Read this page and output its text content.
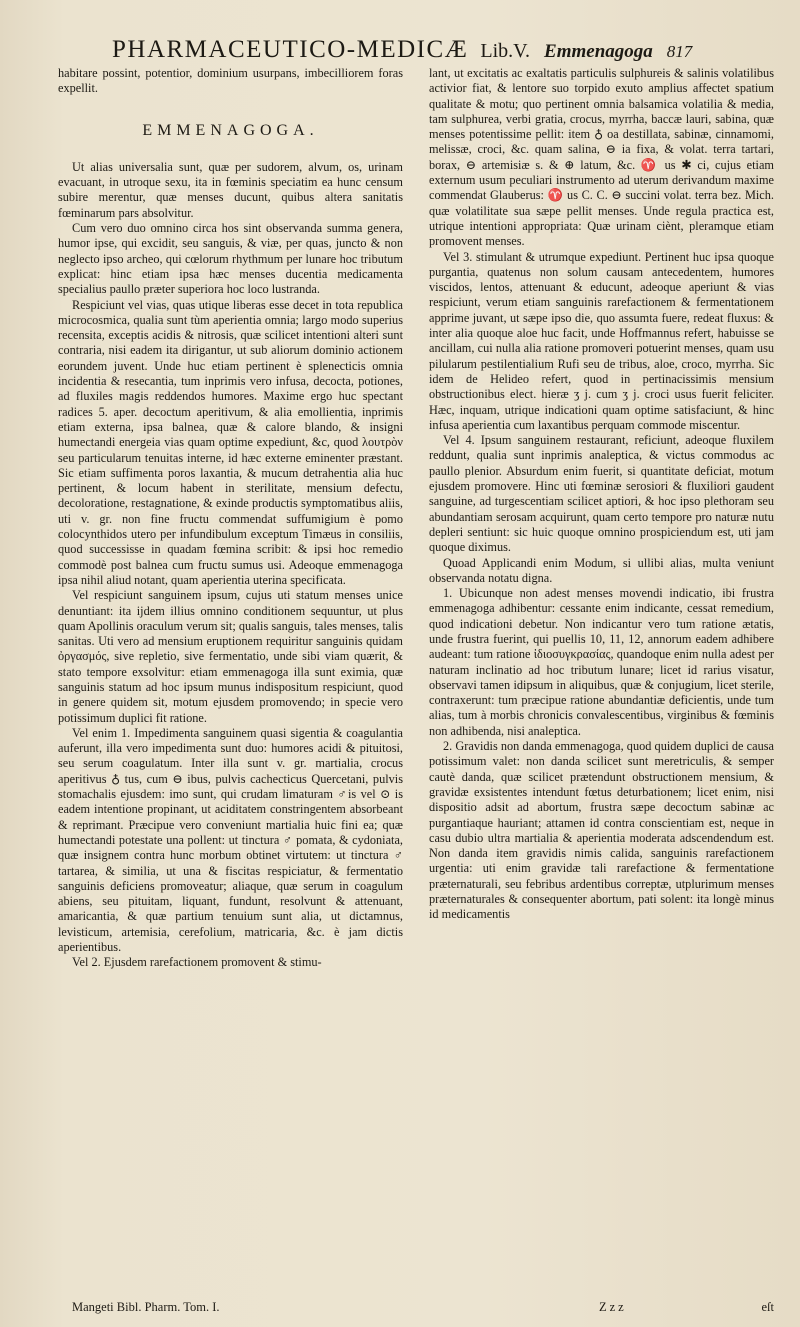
PHARMACEUTICO-MEDICÆ Lib.V. Emmenagoga 817

habitare possint, potentior, dominium usurpans, imbecilliorem foras expellit.

EMMENAGOGA.

Ut alias universalia sunt, quæ per sudorem, alvum, os, urinam evacuant, in utroque sexu, ita in fœminis speciatim ea hunc censum subire merentur, quæ menses ducunt, quibus altera sanitatis fœminarum pars absolvitur.

Cum vero duo omnino circa hos sint observanda summa genera, humor ipse, qui excidit, seu sanguis, & viæ, per quas, juncto & non neglecto ipso archeo, qui cœlorum rhythmum per lunare hoc tributum explicat: hinc etiam ipsa hæc menses ducentia medicamenta specialius paullo præter superiora hoc loco lustranda.

Respiciunt vel vias, quas utique liberas esse decet in tota republica microcosmica, qualia sunt tùm aperientia omnia; largo modo superius recensita, exceptis acidis & nitrosis, quæ scilicet intentioni alteri sunt contraria, nisi eadem ita dirigantur, ut sub aliorum dominio actionem eorundem juvent. Unde huc etiam pertinent è splenecticis omnia incidentia & resecantia, tum inprimis vero infusa, decocta, potiones, ad fluxiles magis reddendos humores. Maxime ergo huc spectant radices 5. aper. decoctum aperitivum, & alia emollientia, inprimis etiam externa, ipsa balnea, quæ & calore blando, & insigni humectandi energeia vias quam optime expediunt, &c, quod λουτρὸν seu particularum tenuitas interne, id hæc externe eminenter præstant. Sic etiam suffimenta poros laxantia, & mucum detrahentia alia huc pertinent, & locum habent in sterilitate, mensium defectu, decoloratione, restagnatione, & exinde productis symptomatibus aliis, uti v. gr. non fine fructu commendat suffumigium è pomo colocynthidos utero per infundibulum exceptum Timæus in consiliis, quod successisse in quadam fœmina scribit: & ipsi hoc remedio commodè post balnea cum fructu sumus usi. Adeoque emmenagoga ipsa nihil aliud notant, quam aperientia uterina specificata.

Vel respiciunt sanguinem ipsum, cujus uti statum menses unice denuntiant: ita ijdem illius omnino conditionem sequuntur, ut plus quam Apollinis oraculum verum sit; qualis sanguis, tales menses, talis sanitas. Uti vero ad mensium eruptionem requiritur sanguinis quidam ὀργασμός, sive repletio, sive fermentatio, unde sibi viam quærit, & stato tempore exsolvitur: etiam emmenagoga illa sunt eximia, quæ sanguinis statum ad hoc ipsum munus indispositum respiciunt, quod in genere quidem sit, motum ejusdem promovendo; in specie vero potissimum duplici fit ratione.

Vel enim 1. Impedimenta sanguinem quasi sigentia & coagulantia auferunt, illa vero impedimenta sunt duo: humores acidi & pituitosi, seu serum coagulatum. Inter illa sunt v. gr. martialia, crocus aperitivus ♁ tus, cum ⊖ ibus, pulvis cachecticus Quercetani, pulvis stomachalis ejusdem: imo sunt, qui crudam limaturam ♂is vel ⊙ is eadem intentione propinant, ut aciditatem constringentem absorbeant & reprimant. Præcipue vero conveniunt martialia huic fini ea; quæ humectandi potestate una pollent: ut tinctura ♂ pomata, & cydoniata, quæ insignem contra hunc morbum obtinet virtutem: ut tinctura ♂ tartarea, & similia, ut una & fiscitas respiciatur, & fermentatio sanguinis deficiens promoveatur; aliaque, quæ serum in coagulum abiens, seu pituitam, liquant, fundunt, resolvunt & attenuant, amaricantia, & quæ partium tenuium sunt alia, ut dictamnus, levisticum, artemisia, cerefolium, matricaria, &c. è jam dictis aperientibus.

Vel 2. Ejusdem rarefactionem promovent & stimu-

lant, ut excitatis ac exaltatis particulis sulphureis & salinis volatilibus activior fiat, & lentore suo torpido exuto amplius affectet spatium qualitate & motu; quo pertinent omnia balsamica volatilia & media, tam sulphurea, verbi gratia, crocus, myrrha, baccæ lauri, sabina, quæ menses potentissime pellit: item ♁ oa destillata, sabinæ, cinnamomi, melissæ, croci, &c. quam salina, ⊖ ia fixa, & volat. terra tartari, borax, ⊖ artemisiæ s. & ⊕ latum, &c. ♈ us ✱ ci, cujus etiam externum usum peculiari instrumento ad uterum derivandum maxime commendat Glauberus: ♈ us C. C. ⊖ succini volat. terra bez. Mich. quæ volatilitate sua sæpe pellit menses. Unde regula practica est, utrique intentioni appropriata: Quæ urinam ciènt, pleramque etiam promovent menses.

Vel 3. stimulant & utrumque expediunt. Pertinent huc ipsa quoque purgantia, quatenus non solum causam antecedentem, humores viscidos, lentos, attenuant & educunt, adeoque aperiunt & vias respiciunt, verum etiam sanguinis rarefactionem & fermentationem apprime juvant, ut sæpe ipso die, quo assumta fuere, redeat fluxus: & inter alia quoque aloe huc facit, unde Hoffmannus refert, habuisse se ancillam, cui nulla alia ratione promoveri potuerint menses, quam usu pilularum pestilentialium Rufi seu de tribus, aloe, croco, myrrha. Sic idem de Helideo refert, quod in pertinacissimis mensium obstructionibus elect. hieræ ʒ j. cum ʒ j. croci usus fuerit feliciter. Hæc, inquam, utrique indicationi quam optime satisfaciunt, & hinc infusa aperientia cum laxantibus perquam commode miscentur.

Vel 4. Ipsum sanguinem restaurant, reficiunt, adeoque fluxilem reddunt, qualia sunt inprimis analeptica, & victus commodus ac paullo plenior. Absurdum enim fuerit, si quantitate deficiat, motum ejusdem promovere. Hinc uti fœminæ serosiori & fluxiliori gaudent sanguine, ad turgescentiam scilicet aptiori, & hoc ipso plethoram seu abundantiam serosam acquirunt, quam certo tempore pro naturæ nutu depleri sentiunt: sic huic quoque omnino prospiciendum est, uti jam quoque diximus.

Quoad Applicandi enim Modum, si ullibi alias, multa veniunt observanda notatu digna.

1. Ubicunque non adest menses movendi indicatio, ibi frustra emmenagoga adhibentur: cessante enim indicante, cessat remedium, quod indicationi debetur. Non indicantur vero tum ratione ætatis, unde frustra fuerint, qui puellis 10, 11, 12, annorum eadem adhibere audeant: tum ratione ἰδιοσυγκρασίας, quandoque enim nulla adest per naturam inclinatio ad hoc tributum lunare; licet id rarius visatur, observavi tamen idipsum in aliquibus, quæ & conjugium, licet sterile, contraxerunt: tum præcipue ratione abundantiæ deficientis, unde tum alias, tum à morbis chronicis convalescentibus, virginibus & fœminis non adhibenda, nisi analeptica.

2. Gravidis non danda emmenagoga, quod quidem duplici de causa potissimum valet: non danda scilicet sunt meretriculis, & semper cautè danda, quæ scilicet prætendunt obstructionem mensium, & gravidæ exsistentes intendunt fœtus deturbationem; licet enim, nisi dispositio adsit ad abortum, frustra sæpe decoctum sabinæ ac purgantiaque hauriant; attamen id contra conscientiam est, neque in casu dubio ultra martialia & aperientia moderata adscendendum est. Non danda item gravidis nimis calida, sanguinis rarefactionem urgentia: uti enim gravidæ tali rarefactione & fermentatione præternaturali, seu febribus ardentibus correptæ, utplurimum menses præternaturales & consequenter abortum, pati solent: ita longè minus id medicamentis

Mangeti Bibl. Pharm. Tom. I.	Zzz	eſt
